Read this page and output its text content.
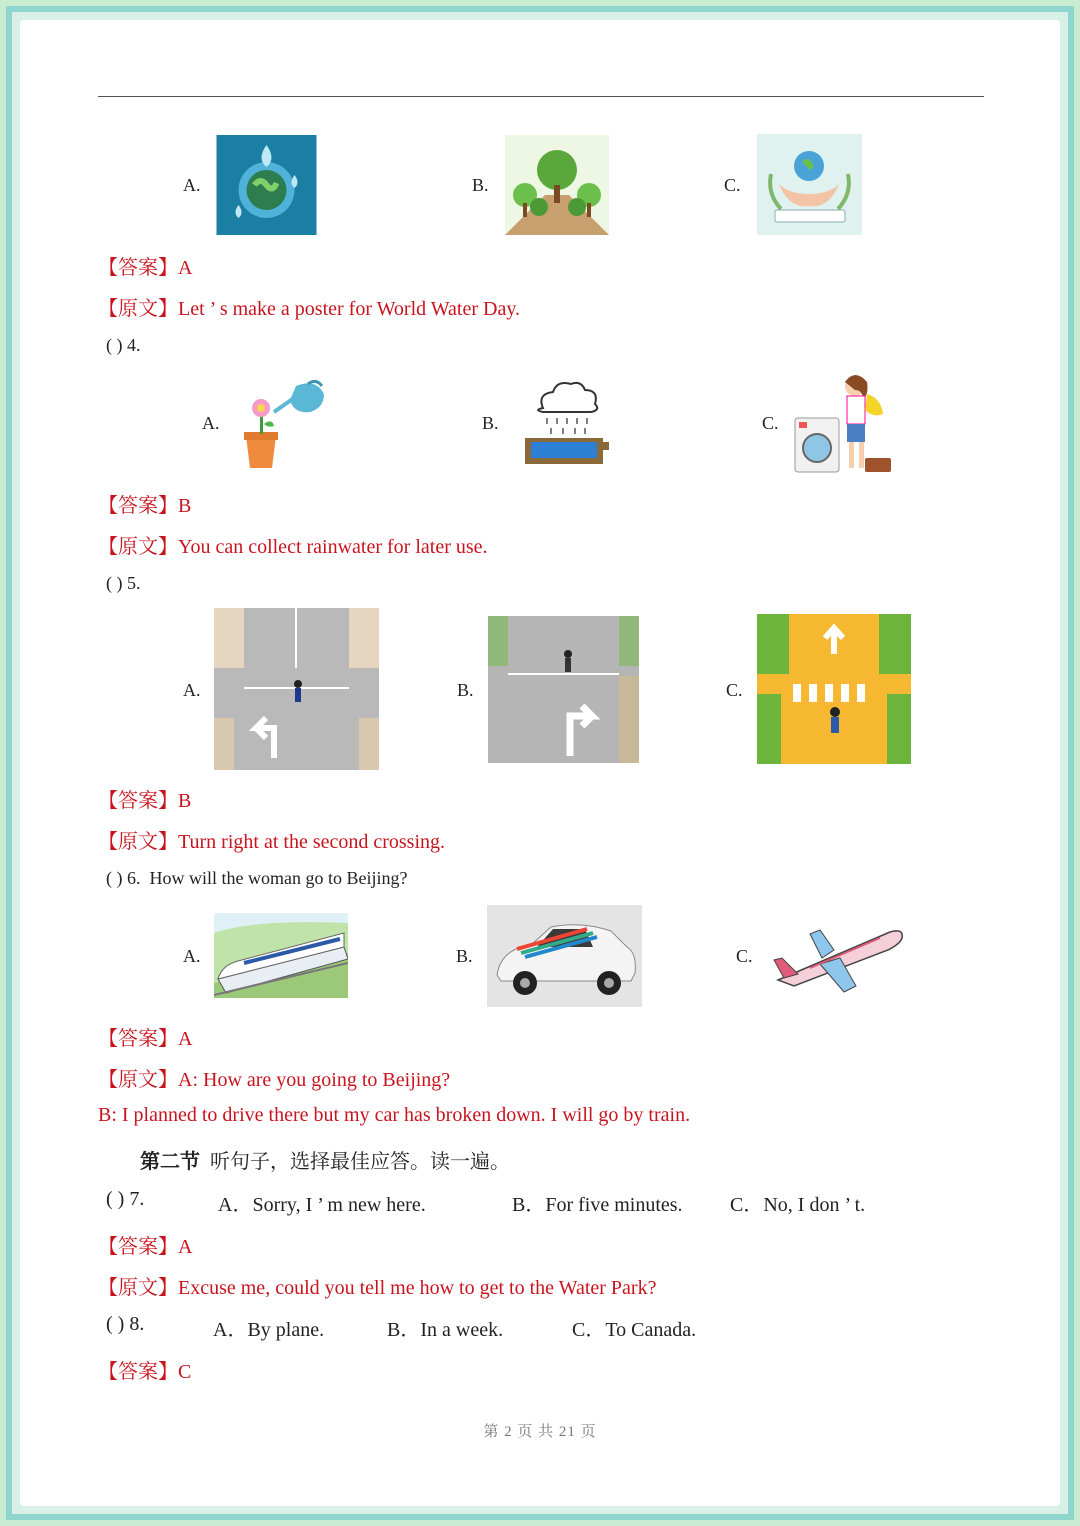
A.	B.	C.
【答案】A
【原文】Let ’ s make a poster for World Water Day.
( ) 4.
A.	B.	C.
【答案】B
【原文】You can collect rainwater for later use.
( ) 5.
A.	B.	C.
【答案】B
【原文】Turn right at the second crossing.
( ) 6. How will the woman go to Beijing?
A.	B.	C.
【答案】A
【原文】A: How are you going to Beijing?
B: I planned to drive there but my car has broken down. I will go by train.
第二节 听句子，选择最佳应答。读一遍。
( ) 7.	A．Sorry, I ’ m new here.	B．For five minutes. C．No, I don ’ t.
【答案】A
【原文】Excuse me, could you tell me how to get to the Water Park?
( ) 8.	A．By plane.	B．In a week.	C．To Canada.
【答案】C
第 2 页 共 21 页
